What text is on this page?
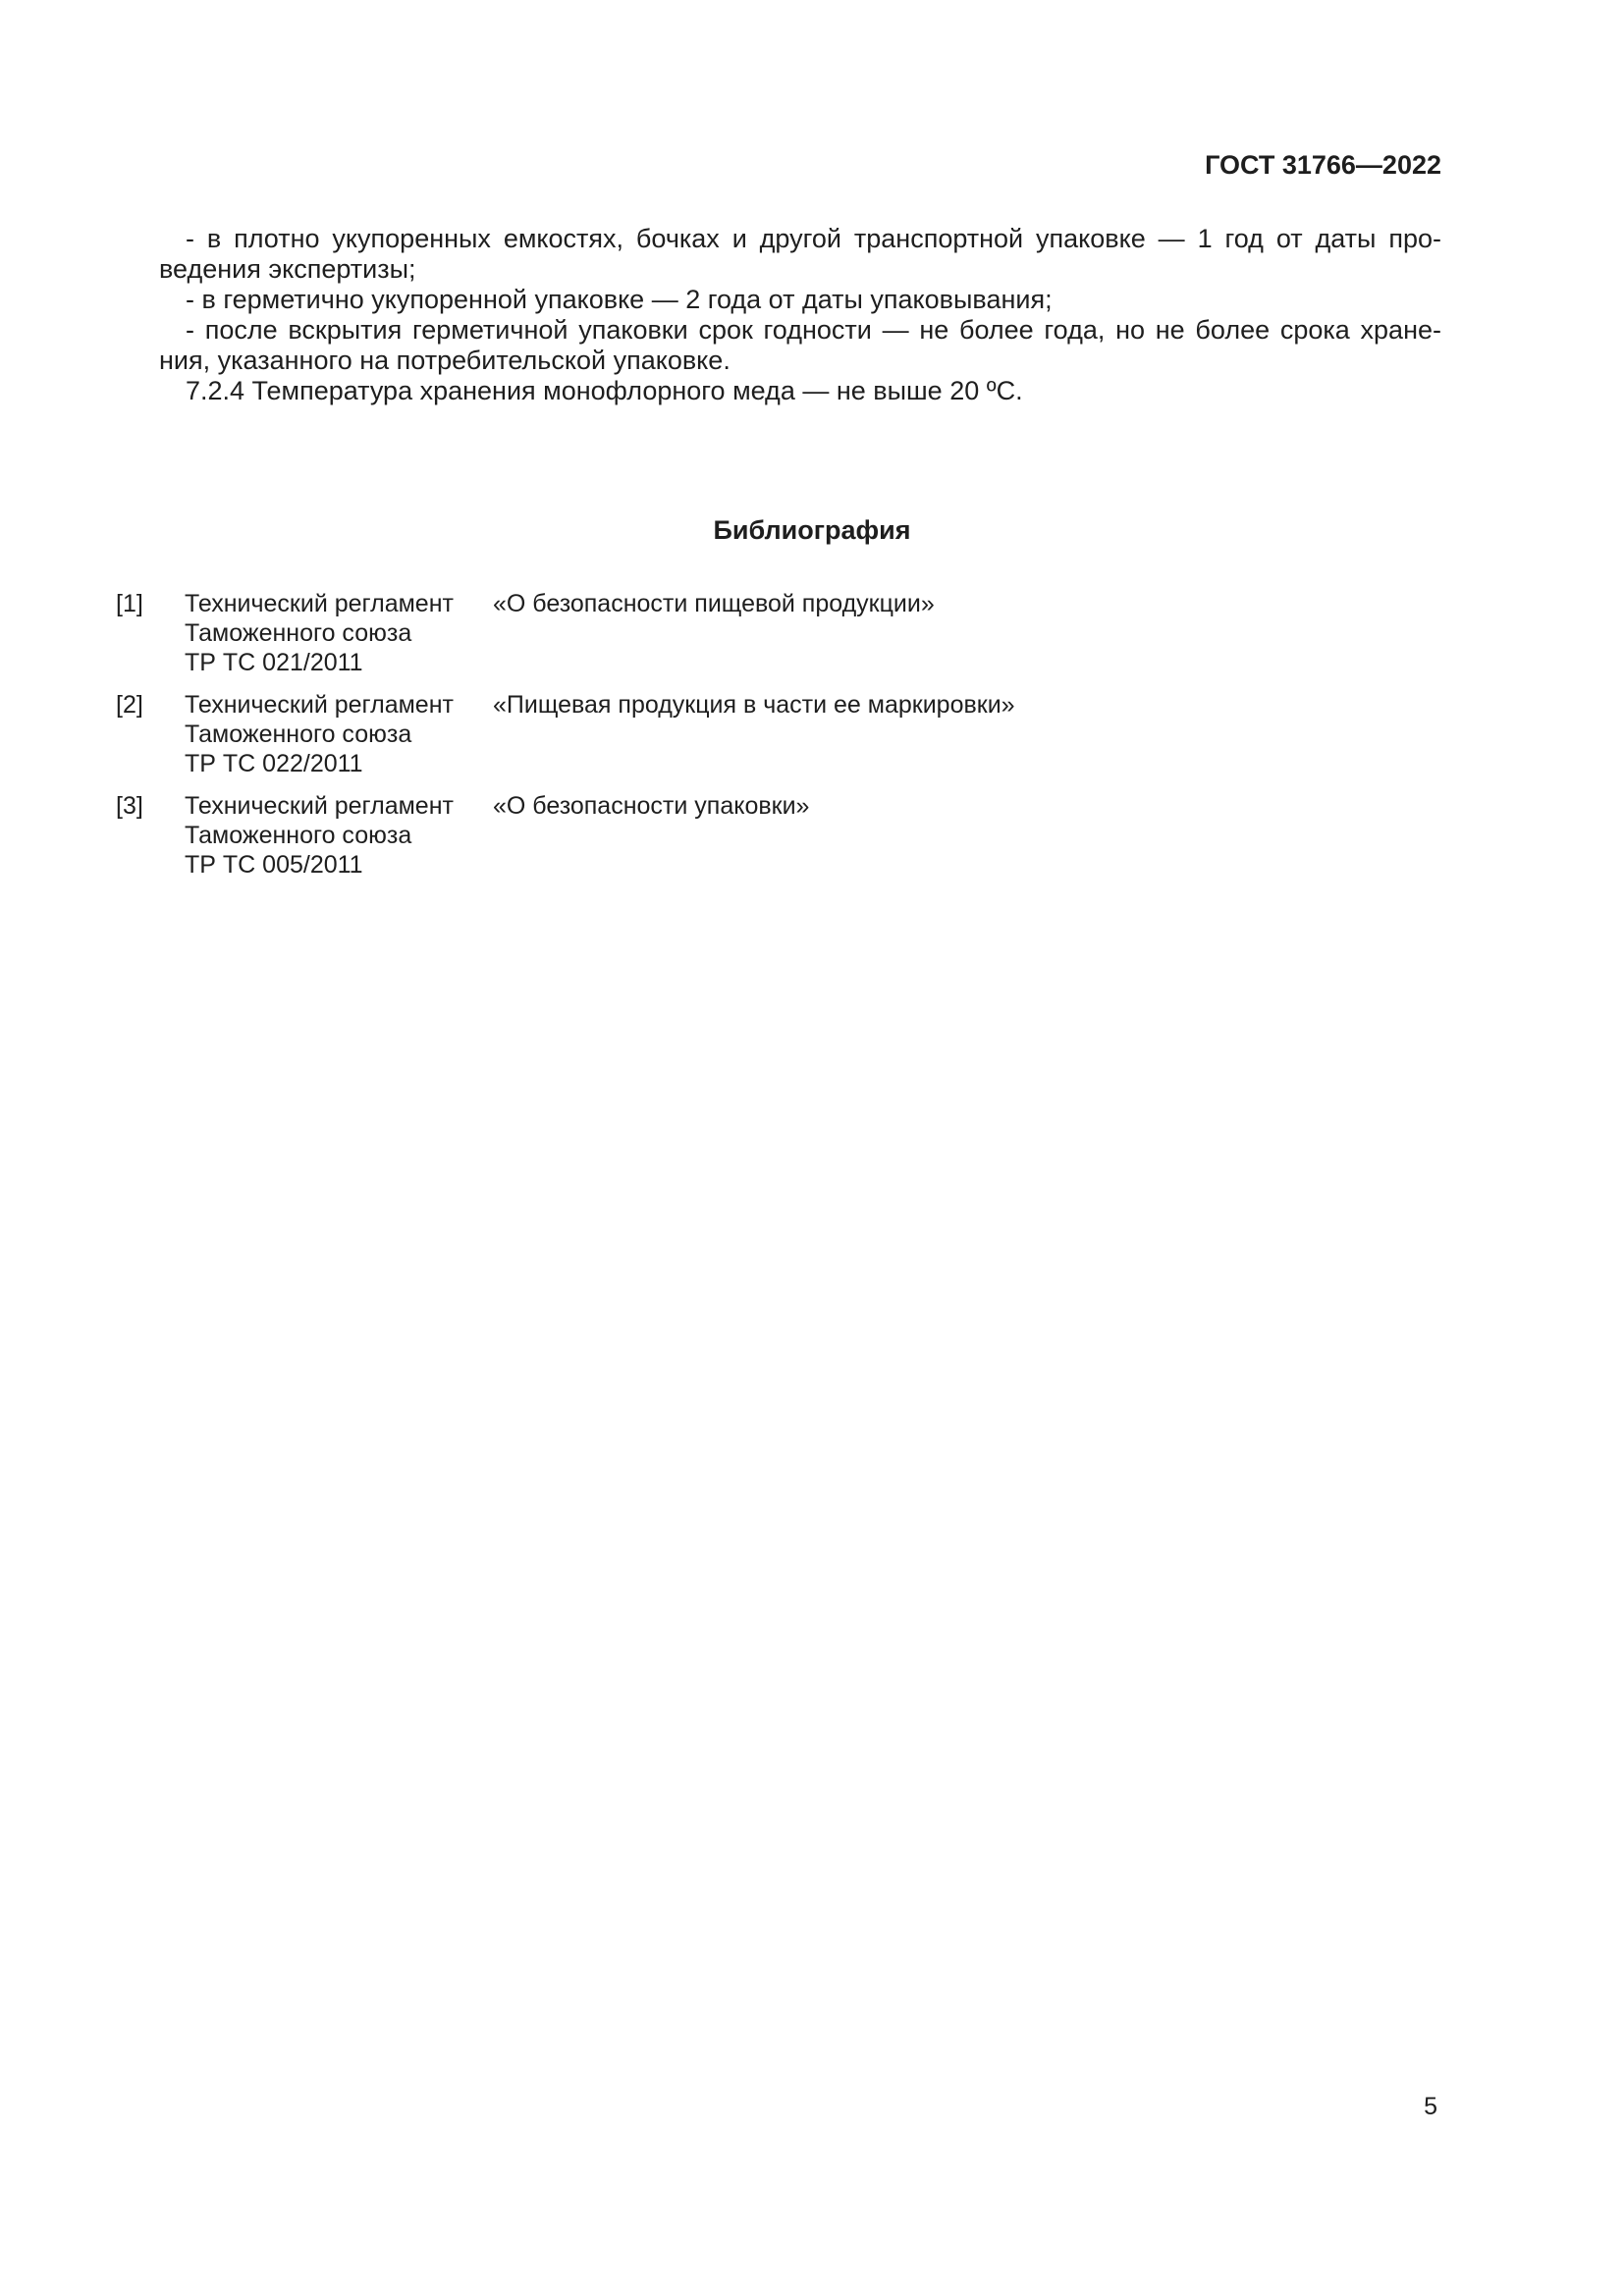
ГОСТ 31766—2022

- в плотно укупоренных емкостях, бочках и другой транспортной упаковке — 1 год от даты про-
ведения экспертизы;

- в герметично укупоренной упаковке — 2 года от даты упаковывания;

- после вскрытия герметичной упаковки срок годности — не более года, но не более срока хране-
ния, указанного на потребительской упаковке.

7.2.4 Температура хранения монофлорного меда — не выше 20 ºС.

Библиография
[1] Технический регламент
Таможенного союза
ТР ТС 021/2011
«О безопасности пищевой продукции»
[2] Технический регламент
Таможенного союза
ТР ТС 022/2011
«Пищевая продукция в части ее маркировки»
[3] Технический регламент
Таможенного союза
ТР ТС 005/2011
«О безопасности упаковки»
5
